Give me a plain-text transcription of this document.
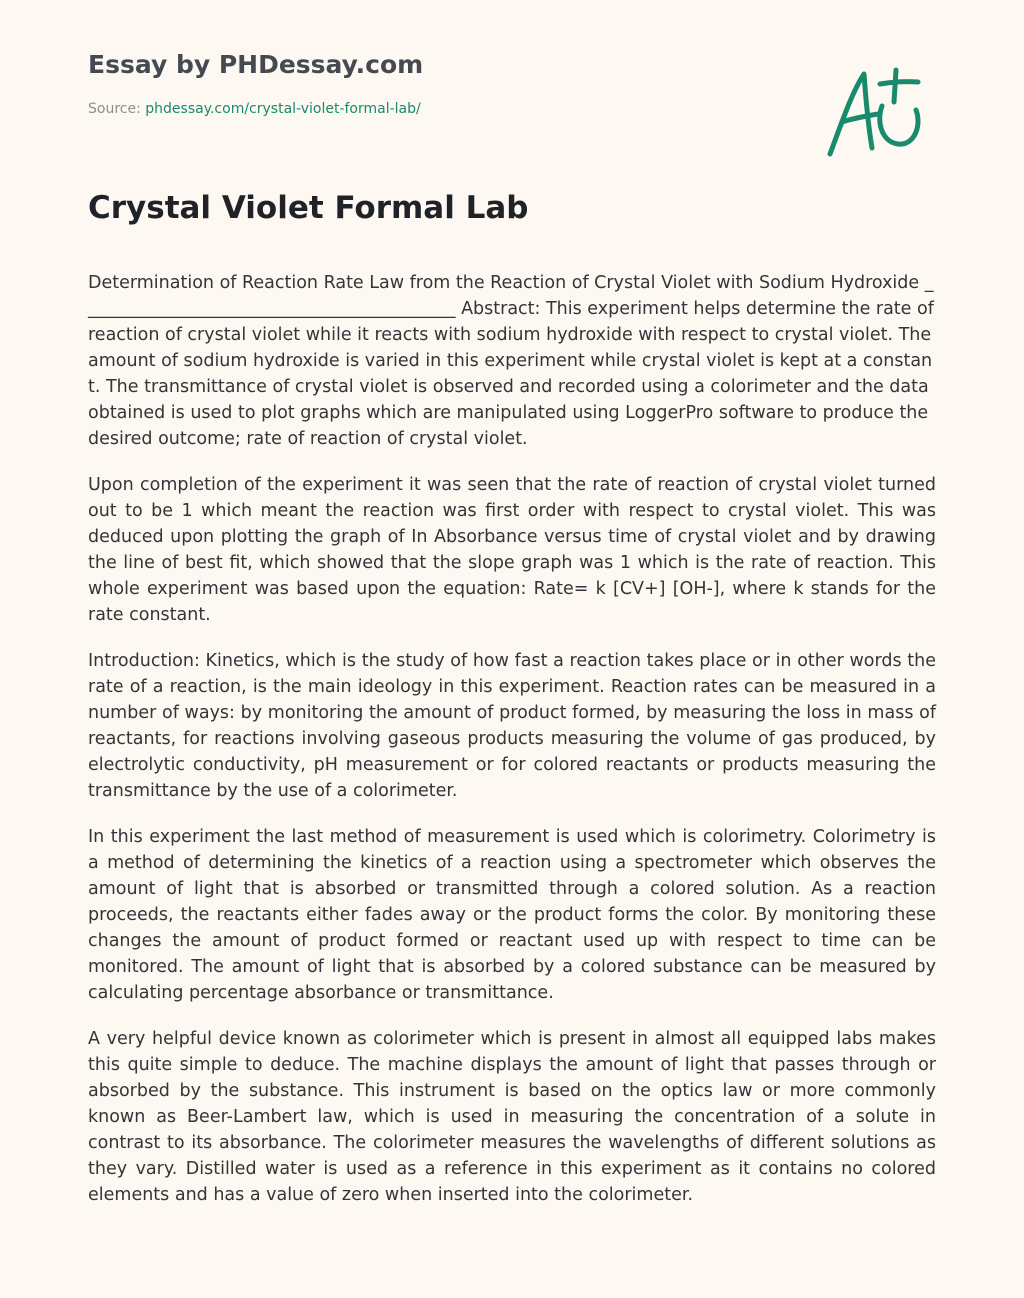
Essay by PHDessay.com
Source: phdessay.com/crystal-violet-formal-lab/
Crystal Violet Formal Lab

Determination of Reaction Rate Law from the Reaction of Crystal Violet with Sodium Hydroxide ___________________________________________ Abstract: This experiment helps determine the rate of reaction of crystal violet while it reacts with sodium hydroxide with respect to crystal violet. The amount of sodium hydroxide is varied in this experiment while crystal violet is kept at a constant. The transmittance of crystal violet is observed and recorded using a colorimeter and the data obtained is used to plot graphs which are manipulated using LoggerPro software to produce the desired outcome; rate of reaction of crystal violet.

Upon completion of the experiment it was seen that the rate of reaction of crystal violet turned out to be 1 which meant the reaction was first order with respect to crystal violet. This was deduced upon plotting the graph of In Absorbance versus time of crystal violet and by drawing the line of best fit, which showed that the slope graph was 1 which is the rate of reaction. This whole experiment was based upon the equation: Rate= k [CV+] [OH-], where k stands for the rate constant.

Introduction: Kinetics, which is the study of how fast a reaction takes place or in other words the rate of a reaction, is the main ideology in this experiment. Reaction rates can be measured in a number of ways: by monitoring the amount of product formed, by measuring the loss in mass of reactants, for reactions involving gaseous products measuring the volume of gas produced, by electrolytic conductivity, pH measurement or for colored reactants or products measuring the transmittance by the use of a colorimeter.

In this experiment the last method of measurement is used which is colorimetry. Colorimetry is a method of determining the kinetics of a reaction using a spectrometer which observes the amount of light that is absorbed or transmitted through a colored solution. As a reaction proceeds, the reactants either fades away or the product forms the color. By monitoring these changes the amount of product formed or reactant used up with respect to time can be monitored. The amount of light that is absorbed by a colored substance can be measured by calculating percentage absorbance or transmittance.

A very helpful device known as colorimeter which is present in almost all equipped labs makes this quite simple to deduce. The machine displays the amount of light that passes through or absorbed by the substance. This instrument is based on the optics law or more commonly known as Beer-Lambert law, which is used in measuring the concentration of a solute in contrast to its absorbance. The colorimeter measures the wavelengths of different solutions as they vary. Distilled water is used as a reference in this experiment as it contains no colored elements and has a value of zero when inserted into the colorimeter.
